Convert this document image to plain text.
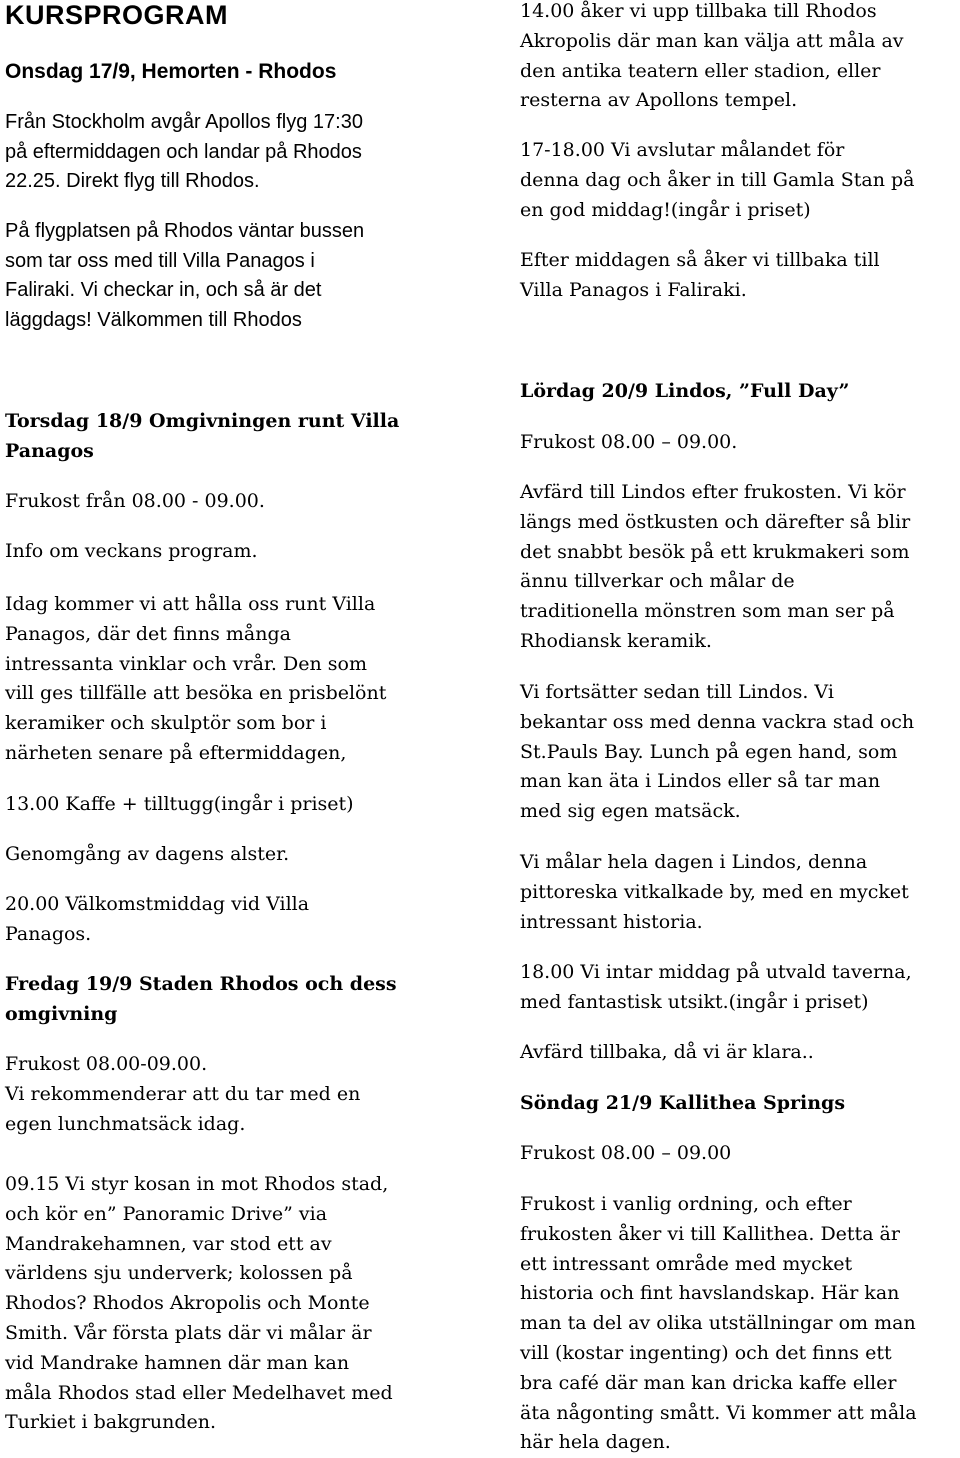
KURSPROGRAM
Onsdag 17/9, Hemorten - Rhodos

Från Stockholm avgår Apollos flyg 17:30
på eftermiddagen och landar på Rhodos
22.25. Direkt flyg till Rhodos.

På flygplatsen på Rhodos väntar bussen
som tar oss med till Villa Panagos i
Faliraki. Vi checkar in, och så är det
läggdags! Välkommen till Rhodos

Torsdag 18/9 Omgivningen runt Villa
Panagos

Frukost från 08.00 - 09.00.

Info om veckans program.

Idag kommer vi att hålla oss runt Villa
Panagos, där det finns många
intressanta vinklar och vrår. Den som
vill ges tillfälle att besöka en prisbelönt
keramiker och skulptör som bor i
närheten senare på eftermiddagen,

13.00 Kaffe + tilltugg(ingår i priset)

Genomgång av dagens alster.

20.00 Välkomstmiddag vid Villa
Panagos.

Fredag 19/9 Staden Rhodos och dess
omgivning

Frukost 08.00-09.00.
Vi rekommenderar att du tar med en
egen lunchmatsäck idag.

09.15 Vi styr kosan in mot Rhodos stad,
och kör en” Panoramic Drive” via
Mandrakehamnen, var stod ett av
världens sju underverk; kolossen på
Rhodos? Rhodos Akropolis och Monte
Smith. Vår första plats där vi målar är
vid Mandrake hamnen där man kan
måla Rhodos stad eller Medelhavet med
Turkiet i bakgrunden.

14.00 åker vi upp tillbaka till Rhodos
Akropolis där man kan välja att måla av
den antika teatern eller stadion, eller
resterna av Apollons tempel.

17-18.00 Vi avslutar målandet för
denna dag och åker in till Gamla Stan på
en god middag!(ingår i priset)

Efter middagen så åker vi tillbaka till
Villa Panagos i Faliraki.

Lördag 20/9 Lindos, ”Full Day”

Frukost 08.00 – 09.00.

Avfärd till Lindos efter frukosten. Vi kör
längs med östkusten och därefter så blir
det snabbt besök på ett krukmakeri som
ännu tillverkar och målar de
traditionella mönstren som man ser på
Rhodiansk keramik.

Vi fortsätter sedan till Lindos. Vi
bekantar oss med denna vackra stad och
St.Pauls Bay. Lunch på egen hand, som
man kan äta i Lindos eller så tar man
med sig egen matsäck.

Vi målar hela dagen i Lindos, denna
pittoreska vitkalkade by, med en mycket
intressant historia.

18.00 Vi intar middag på utvald taverna,
med fantastisk utsikt.(ingår i priset)

Avfärd tillbaka, då vi är klara..

Söndag 21/9 Kallithea Springs

Frukost 08.00 – 09.00

Frukost i vanlig ordning, och efter
frukosten åker vi till Kallithea. Detta är
ett intressant område med mycket
historia och fint havslandskap. Här kan
man ta del av olika utställningar om man
vill (kostar ingenting) och det finns ett
bra café där man kan dricka kaffe eller
äta någonting smått. Vi kommer att måla
här hela dagen.
